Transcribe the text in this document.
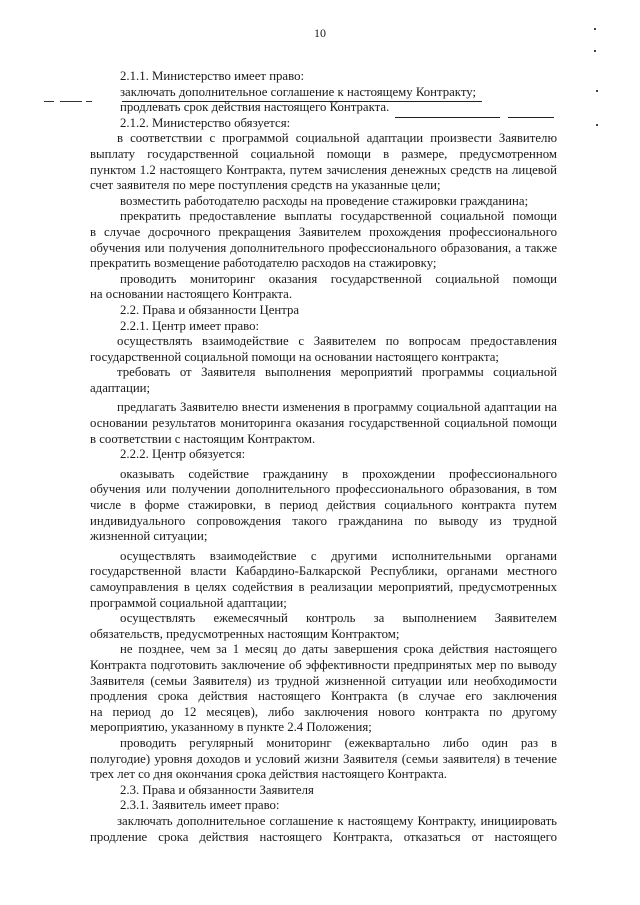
10
2.1.1. Министерство имеет право:
заключать дополнительное соглашение к настоящему Контракту;
продлевать срок действия настоящего Контракта.
2.1.2. Министерство обязуется:
в соответствии с программой социальной адаптации произвести Заявителю
выплату государственной социальной помощи в размере, предусмотренном
пунктом 1.2 настоящего Контракта, путем зачисления денежных средств на лицевой
счет заявителя по мере поступления средств на указанные цели;
возместить работодателю расходы на проведение стажировки гражданина;
прекратить предоставление выплаты государственной социальной помощи
в случае досрочного прекращения Заявителем прохождения профессионального
обучения или получения дополнительного профессионального образования, а также
прекратить возмещение работодателю расходов на стажировку;
проводить мониторинг оказания государственной социальной помощи
на основании настоящего Контракта.
2.2. Права и обязанности Центра
2.2.1. Центр имеет право:
осуществлять взаимодействие с Заявителем по вопросам предоставления
государственной социальной помощи на основании настоящего контракта;
требовать от Заявителя выполнения мероприятий программы социальной
адаптации;
предлагать Заявителю внести изменения в программу социальной адаптации на
основании результатов мониторинга оказания государственной социальной помощи
в соответствии с настоящим Контрактом.
2.2.2. Центр обязуется:
оказывать содействие гражданину в прохождении профессионального
обучения или получении дополнительного профессионального образования, в том
числе в форме стажировки, в период действия социального контракта путем
индивидуального сопровождения такого гражданина по выводу из трудной
жизненной ситуации;
осуществлять взаимодействие с другими исполнительными органами
государственной власти Кабардино-Балкарской Республики, органами местного
самоуправления в целях содействия в реализации мероприятий, предусмотренных
программой социальной адаптации;
осуществлять ежемесячный контроль за выполнением Заявителем
обязательств, предусмотренных настоящим Контрактом;
не позднее, чем за 1 месяц до даты завершения срока действия настоящего
Контракта подготовить заключение об эффективности предпринятых мер по выводу
Заявителя (семьи Заявителя) из трудной жизненной ситуации или необходимости
продления срока действия настоящего Контракта (в случае его заключения
на период до 12 месяцев), либо заключения нового контракта по другому
мероприятию, указанному в пункте 2.4 Положения;
проводить регулярный мониторинг (ежеквартально либо один раз в
полугодие) уровня доходов и условий жизни Заявителя (семьи заявителя) в течение
трех лет со дня окончания срока действия настоящего Контракта.
2.3. Права и обязанности Заявителя
2.3.1. Заявитель имеет право:
заключать дополнительное соглашение к настоящему Контракту, инициировать
продление срока действия настоящего Контракта, отказаться от настоящего
